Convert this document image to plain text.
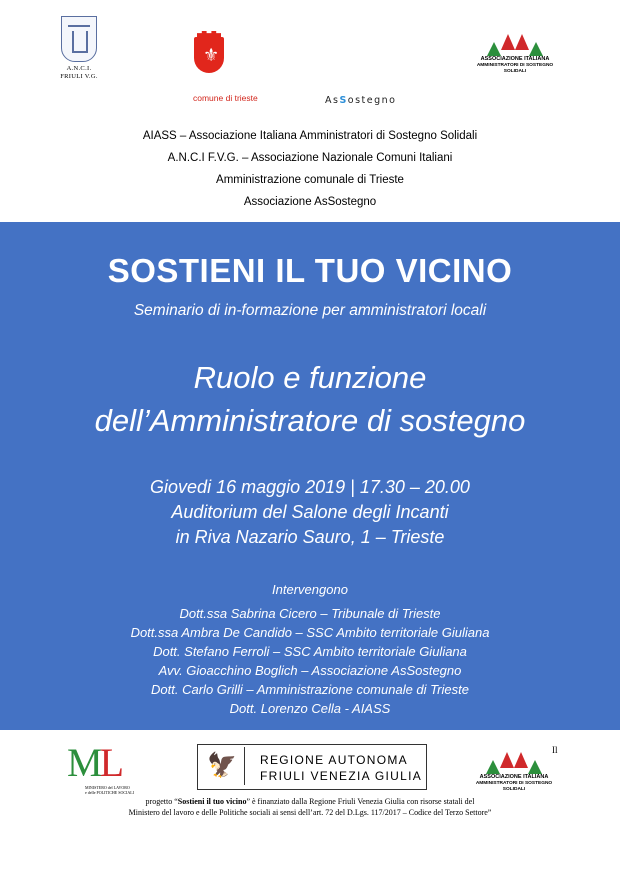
A.N.C.I.
FRIULI V.G.
⚜
comune di trieste	AsSostegno
ASSOCIAZIONE ITALIANA
AMMINISTRATORI DI SOSTEGNO SOLIDALI
AIASS – Associazione Italiana Amministratori di Sostegno Solidali
A.N.C.I F.V.G. – Associazione Nazionale Comuni Italiani
Amministrazione comunale di Trieste
Associazione AsSostegno
SOSTIENI IL TUO VICINO
Seminario di in-formazione per amministratori locali
Ruolo e funzione
dell’Amministratore di sostegno
Giovedi 16 maggio 2019 | 17.30 – 20.00
Auditorium del Salone degli Incanti
in Riva Nazario Sauro, 1 – Trieste
Intervengono
Dott.ssa Sabrina Cicero – Tribunale di Trieste
Dott.ssa Ambra De Candido – SSC Ambito territoriale Giuliana
Dott. Stefano Ferroli – SSC Ambito territoriale Giuliana
Avv. Gioacchino Boglich – Associazione AsSostegno
Dott. Carlo Grilli – Amministrazione comunale di Trieste
Dott. Lorenzo Cella - AIASS
ML
MINISTERO del LAVORO
e delle POLITICHE SOCIALI
🦅	REGIONE AUTONOMA
FRIULI VENEZIA GIULIA	ASSOCIAZIONE ITALIANA
AMMINISTRATORI DI SOSTEGNO SOLIDALI
Il
progetto “Sostieni il tuo vicino” è finanziato dalla Regione Friuli Venezia Giulia con risorse statali del
Ministero del lavoro e delle Politiche sociali ai sensi dell’art. 72 del D.Lgs. 117/2017 – Codice del Terzo Settore”
